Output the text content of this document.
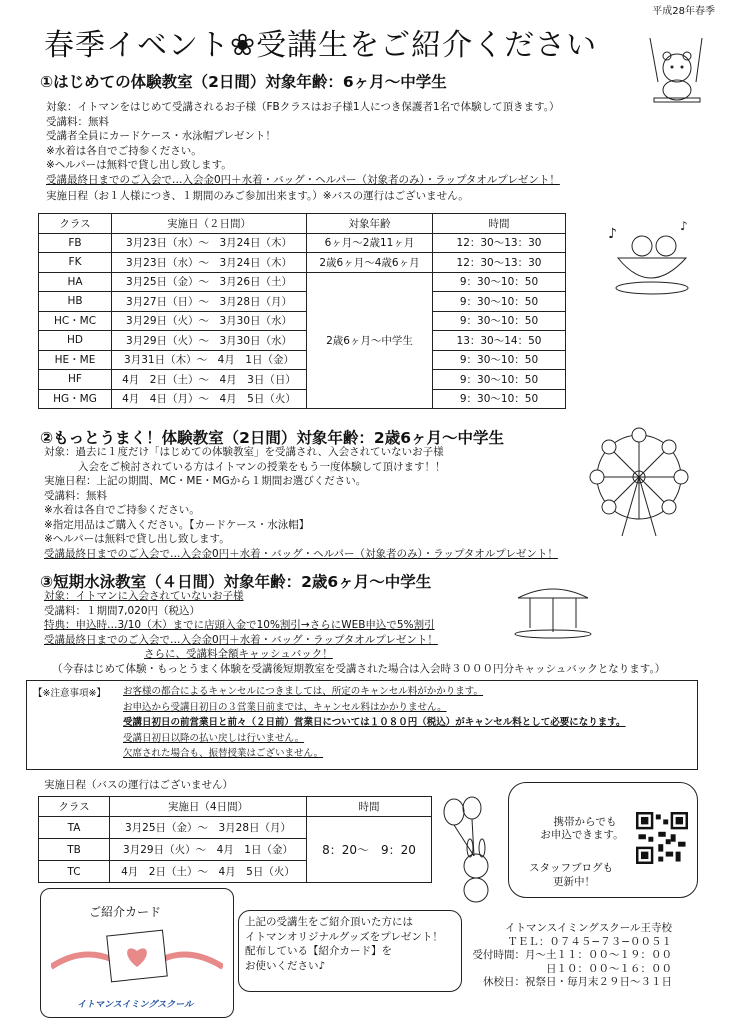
平成28年春季
春季イベント❀受講生をご紹介ください
①はじめての体験教室（2日間）対象年齢：6ヶ月〜中学生
対象：イトマンをはじめて受講されるお子様（FBクラスはお子様1人につき保護者1名で体験して頂きます。）
受講料：無料
受講者全員にカードケース・水泳帽プレゼント！
※水着は各自でご持参ください。
※ヘルパーは無料で貸し出し致します。
受講最終日までのご入会で…入会金0円＋水着・バッグ・ヘルパー（対象者のみ）・ラップタオルプレゼント！
実施日程（お１人様につき、１期間のみご参加出来ます。）※バスの運行はございません。
クラス	実施日（２日間）	対象年齢	時間
FB	3月23日（水）〜　3月24日（木）	6ヶ月〜2歳11ヶ月	12：30〜13：30
FK	3月23日（水）〜　3月24日（木）	2歳6ヶ月〜4歳6ヶ月	12：30〜13：30
HA	3月25日（金）〜　3月26日（土）	2歳6ヶ月〜中学生	9：30〜10：50
HB	3月27日（日）〜　3月28日（月）		9：30〜10：50
HC・MC	3月29日（火）〜　3月30日（水）		9：30〜10：50
HD	3月29日（火）〜　3月30日（水）		13：30〜14：50
HE・ME	3月31日（木）〜　4月　1日（金）		9：30〜10：50
HF	4月　2日（土）〜　4月　3日（日）		9：30〜10：50
HG・MG	4月　4日（月）〜　4月　5日（火）		9：30〜10：50
♪	♪
②もっとうまく！体験教室（2日間）対象年齢：2歳6ヶ月〜中学生
対象：過去に１度だけ「はじめての体験教室」を受講され、入会されていないお子様
入会をご検討されている方はイトマンの授業をもう一度体験して頂けます！！
実施日程：上記の期間、MC・ME・MGから１期間お選びください。
受講料：無料
※水着は各自でご持参ください。
※指定用品はご購入ください。【カードケース・水泳帽】
※ヘルパーは無料で貸し出し致します。
受講最終日までのご入会で…入会金0円＋水着・バッグ・ヘルパー（対象者のみ）・ラップタオルプレゼント！
③短期水泳教室（４日間）対象年齢：2歳6ヶ月〜中学生
対象：イトマンに入会されていないお子様
受講料：１期間7,020円（税込）
特典：申込時…3/10（木）までに店頭入金で10%割引→さらにWEB申込で5%割引
受講最終日までのご入会で…入会金0円＋水着・バッグ・ラップタオルプレゼント！
さらに、受講料全額キャッシュバック！
（今春はじめて体験・もっとうまく体験を受講後短期教室を受講された場合は入会時３０００円分キャッシュバックとなります。）
【※注意事項※】 お客様の都合によるキャンセルにつきましては、所定のキャンセル料がかかります。
お申込から受講日初日の３営業日前までは、キャンセル料はかかりません。
受講日初日の前営業日と前々（２日前）営業日については１０８０円（税込）がキャンセル料として必要になります。
受講日初日以降の払い戻しは行いません。
欠席された場合も、振替授業はございません。
実施日程（バスの運行はございません）
クラス	実施日（4日間）	時間
TA	3月25日（金）〜　3月28日（月）	8：20〜　9：20
TB	3月29日（火）〜　4月　1日（金）	
TC	4月　2日（土）〜　4月　5日（火）	
携帯からでも
お申込できます。
スタッフブログも
更新中！
ご紹介カード
イトマンスイミングスクール
上記の受講生をご紹介頂いた方には
イトマンオリジナルグッズをプレゼント！
配布している【紹介カード】を
お使いください♪
イトマンスイミングスクール王寺校
ＴＥＬ：０７４５−７３−００５１
受付時間：月〜土１１：００〜１９：００
日１０：００〜１６：００
休校日：祝祭日・毎月末２９日〜３１日
